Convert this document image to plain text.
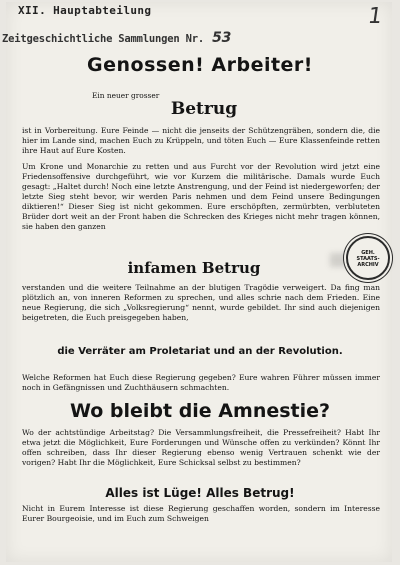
XII. Hauptabteilung
Zeitgeschichtliche Sammlungen Nr. 53
1
Genossen! Arbeiter!
Ein neuer grosser
Betrug
ist in Vorbereitung. Eure Feinde — nicht die jenseits der Schützengräben, sondern die, die hier im Lande sind, machen Euch zu Krüppeln, und töten Euch — Eure Klassenfeinde retten ihre Haut auf Eure Kosten.
Um Krone und Monarchie zu retten und aus Furcht vor der Revolution wird jetzt eine Friedensoffensive durchgeführt, wie vor Kurzem die militärische. Damals wurde Euch gesagt: „Haltet durch! Noch eine letzte Anstrengung, und der Feind ist niedergeworfen; der letzte Sieg steht bevor, wir werden Paris nehmen und dem Feind unsere Bedingungen diktieren!“ Dieser Sieg ist nicht gekommen. Eure erschöpften, zermürbten, verbluteten Brüder dort weit an der Front haben die Schrecken des Krieges nicht mehr tragen können, sie haben den ganzen
infamen Betrug
verstanden und die weitere Teilnahme an der blutigen Tragödie verweigert. Da fing man plötzlich an, von inneren Reformen zu sprechen, und alles schrie nach dem Frieden. Eine neue Regierung, die sich „Volksregierung“ nennt, wurde gebildet. Ihr sind auch diejenigen beigetreten, die Euch preisgegeben haben,
die Verräter am Proletariat und an der Revolution.
Welche Reformen hat Euch diese Regierung gegeben? Eure wahren Führer müssen immer noch in Gefängnissen und Zuchthäusern schmachten.
Wo bleibt die Amnestie?
Wo der achtstündige Arbeitstag? Die Versammlungsfreiheit, die Pressefreiheit? Habt Ihr etwa jetzt die Möglichkeit, Eure Forderungen und Wünsche offen zu verkünden? Könnt Ihr offen schreiben, dass Ihr dieser Regierung ebenso wenig Vertrauen schenkt wie der vorigen? Habt Ihr die Möglichkeit, Eure Schicksal selbst zu bestimmen?
Alles ist Lüge! Alles Betrug!
Nicht in Eurem Interesse ist diese Regierung geschaffen worden, sondern im Interesse Eurer Bourgeoisie, und im Euch zum Schweigen
GEH.
STAATS-
ARCHIV
